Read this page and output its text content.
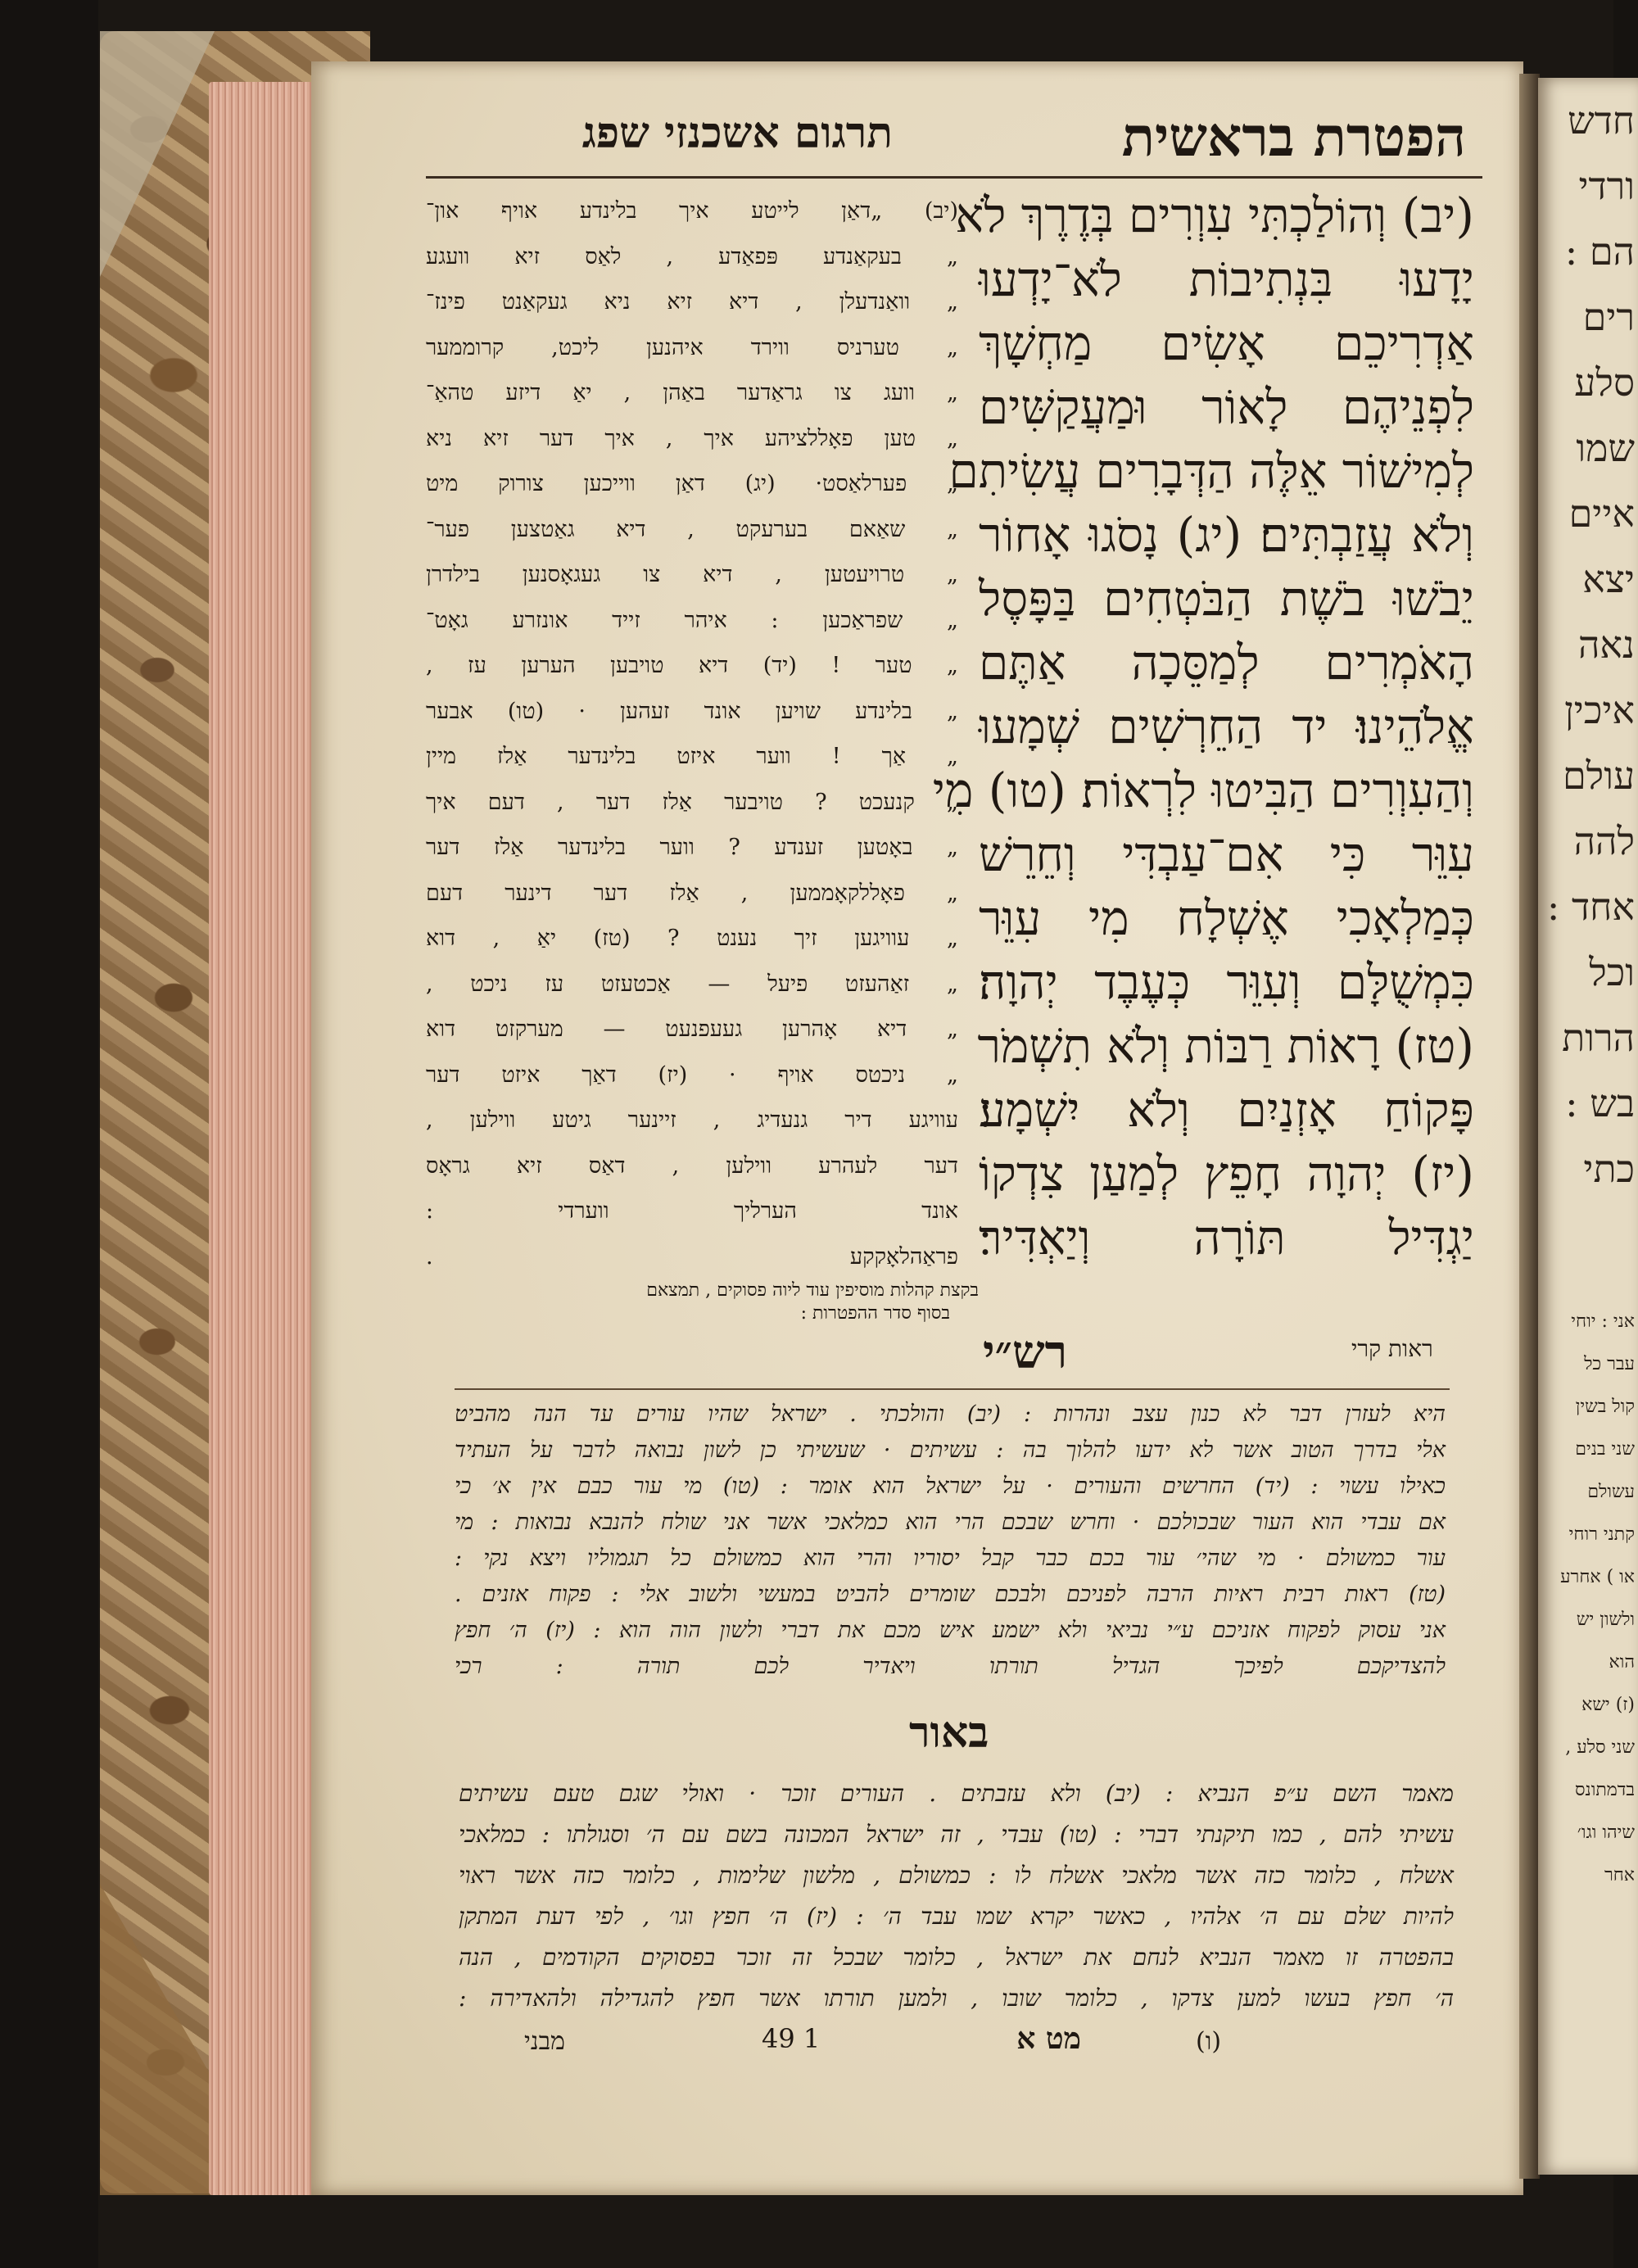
הפטרת בראשית
תרגום אשכנזי שפג
(יב) וְהוֹלַכְתִּי עִוְרִים בְּדֶרֶךְ לֹא
יָדָעוּ בִּנְתִיבוֹת לֹא־יָדְעוּ
אַדְרִיכֵם אָשִׂים מַחְשָׁךְ
לִפְנֵיהֶם לָאוֹר וּמַעֲקַשִּׁים
לְמִישׁוֹר אֵלֶּה הַדְּבָרִים עֲשִׂיתִם
וְלֹא עֲזַבְתִּים׃ (יג) נָסֹגוּ אָחוֹר
יֵבֹשׁוּ בֹשֶׁת הַבֹּטְחִים בַּפָּסֶל
הָאֹמְרִים לְמַסֵּכָה אַתֶּם
אֱלֹהֵינוּ׃ יד הַחֵרְשִׁים שְׁמָעוּ
וְהַעִוְרִים הַבִּיטוּ לִרְאוֹת׃ (טו) מִי
עִוֵּר כִּי אִם־עַבְדִּי וְחֵרֵשׁ
כְּמַלְאָכִי אֶשְׁלָח מִי עִוֵּר
כִּמְשֻׁלָּם וְעִוֵּר כְּעֶבֶד יְהוָה׃
(טז) רָאוֹת רַבּוֹת וְלֹא תִשְׁמֹר
פָּקוֹחַ אָזְנַיִם וְלֹא יִשְׁמָע׃
(יז) יְהוָה חָפֵץ לְמַעַן צִדְקוֹ
יַגְדִּיל תּוֹרָה וְיַאְדִּיר׃
(יב) „דאַן לייטע איך בלינדע אויף און־
„ בעקאַנדע פּפאַדע , לאַס זיא וועגע
„ וואַנדעלן , דיא זיא ניא געקאַנט פינז־
„ טערניס ווירד איהנען ליכט, קרוממער
„ וועג צו גראַדער באַהן , יאַ דיזע טהאַ־
„ טען פאָללציהע איך , איך דער זיא ניא
„ פערלאַסט· (יג) דאַן ווייכען צורוק מיט
„ שאַאם בערעקט , דיא גאַטצען פער־
„ טרויעטען , דיא צו געגאָסנען בילדרן
„ שפראַכען : איהר זייד אונזרע גאָט־
„ טער ! (יד) דיא טויבען הערען עז ,
„ בלינדע שויען אונד זעהען · (טו) אבער
„ אַך ! ווער איזט בלינדער אַלז מיין
„ קנעכט ? טויבער אַלז דער , דעם איך
„ באָטען זענדע ? ווער בלינדער אַלז דער
„ פאָללקאָממען , אַלז דער דינער דעם
„ עוויגען זיך נענט ? (טז) יאַ , דוא
„ זאַהעזט פיעל — אַכטעזט עז ניכט ,
„ דיא אָהרען געעפנעט — מערקזט דוא
„ ניכטס אויף · (יז) דאַך איזט דער
עוויגע דיר גנעדיג , זיינער גיטע ווילען ,
דער לעהרע ווילען , דאַס זיא גראָס
אונד הערליך ווערדי :
פראַהלאָקקע .
בקצת קהלות מוסיפין עוד ליוה פסוקים , תמצאם
בסוף סדר ההפטרות :
רש״י	ראות קרי
היא לעזרן דבר לא כנון עצב ונהרות : (יב) והולכתי . ישראל שהיו עורים עד הנה מהביט
אלי בדרך הטוב אשר לא ידעו להלוך בה : עשיתים · שעשיתי כן לשון נבואה לדבר על העתיד
כאילו עשוי : (יד) החרשים והעורים · על ישראל הוא אומר : (טו) מי עור כבם אין א׳ כי
אם עבדי הוא העור שבכולכם · וחרש שבכם הרי הוא כמלאכי אשר אני שולח להנבא נבואות : מי
עור כמשולם · מי שהי׳ עור בכם כבר קבל יסוריו והרי הוא כמשולם כל תגמוליו ויצא נקי :
(טז) ראות רבית ראיות הרבה לפניכם ולבכם שומרים להביט במעשי ולשוב אלי : פקוח אזנים .
אני עסוק לפקוח אזניכם ע״י נביאי ולא ישמע איש מכם את דברי ולשון הוה הוא : (יז) ה׳ חפץ
להצדיקכם לפיכך הגדיל תורתו ויאדיר לכם תורה : רכי
באור
מאמר השם ע״פ הנביא : (יב) ולא עזבתים . העורים זוכר · ואולי שגם טעם עשיתים
עשיתי להם , כמו תיקנתי דברי : (טו) עבדי , זה ישראל המכונה בשם עם ה׳ וסגולתו : כמלאכי
אשלח , כלומר כזה אשר מלאכי אשלח לו : כמשולם , מלשון שלימות , כלומר כזה אשר ראוי
להיות שלם עם ה׳ אלהיו , כאשר יקרא שמו עבד ה׳ : (יז) ה׳ חפץ וגו׳ , לפי דעת המתקן
בהפטרה זו מאמר הנביא לנחם את ישראל , כלומר שבכל זה זוכר בפסוקים הקודמים , הנה
ה׳ חפץ בעשו למען צדקו , כלומר שובו , ולמען תורתו אשר חפץ להגדילה ולהאדירה :
מבני	מט א
49 1	(ו)
חדש
ורדי
הם :
רים
סלע
שמו
איים
יצא
נאה
איכין
עולם
להה
אחד :
וכל
הרות
בש :
כתי
אני : יוחי
עבר כל
קול בשין
שני בנים
עשולם
קתני רוחי
או ) אחרע
ולשון יש
הוא
(ז) ישא
שני סלע ,
בדמתונס
שיהו וגו׳
אחר
